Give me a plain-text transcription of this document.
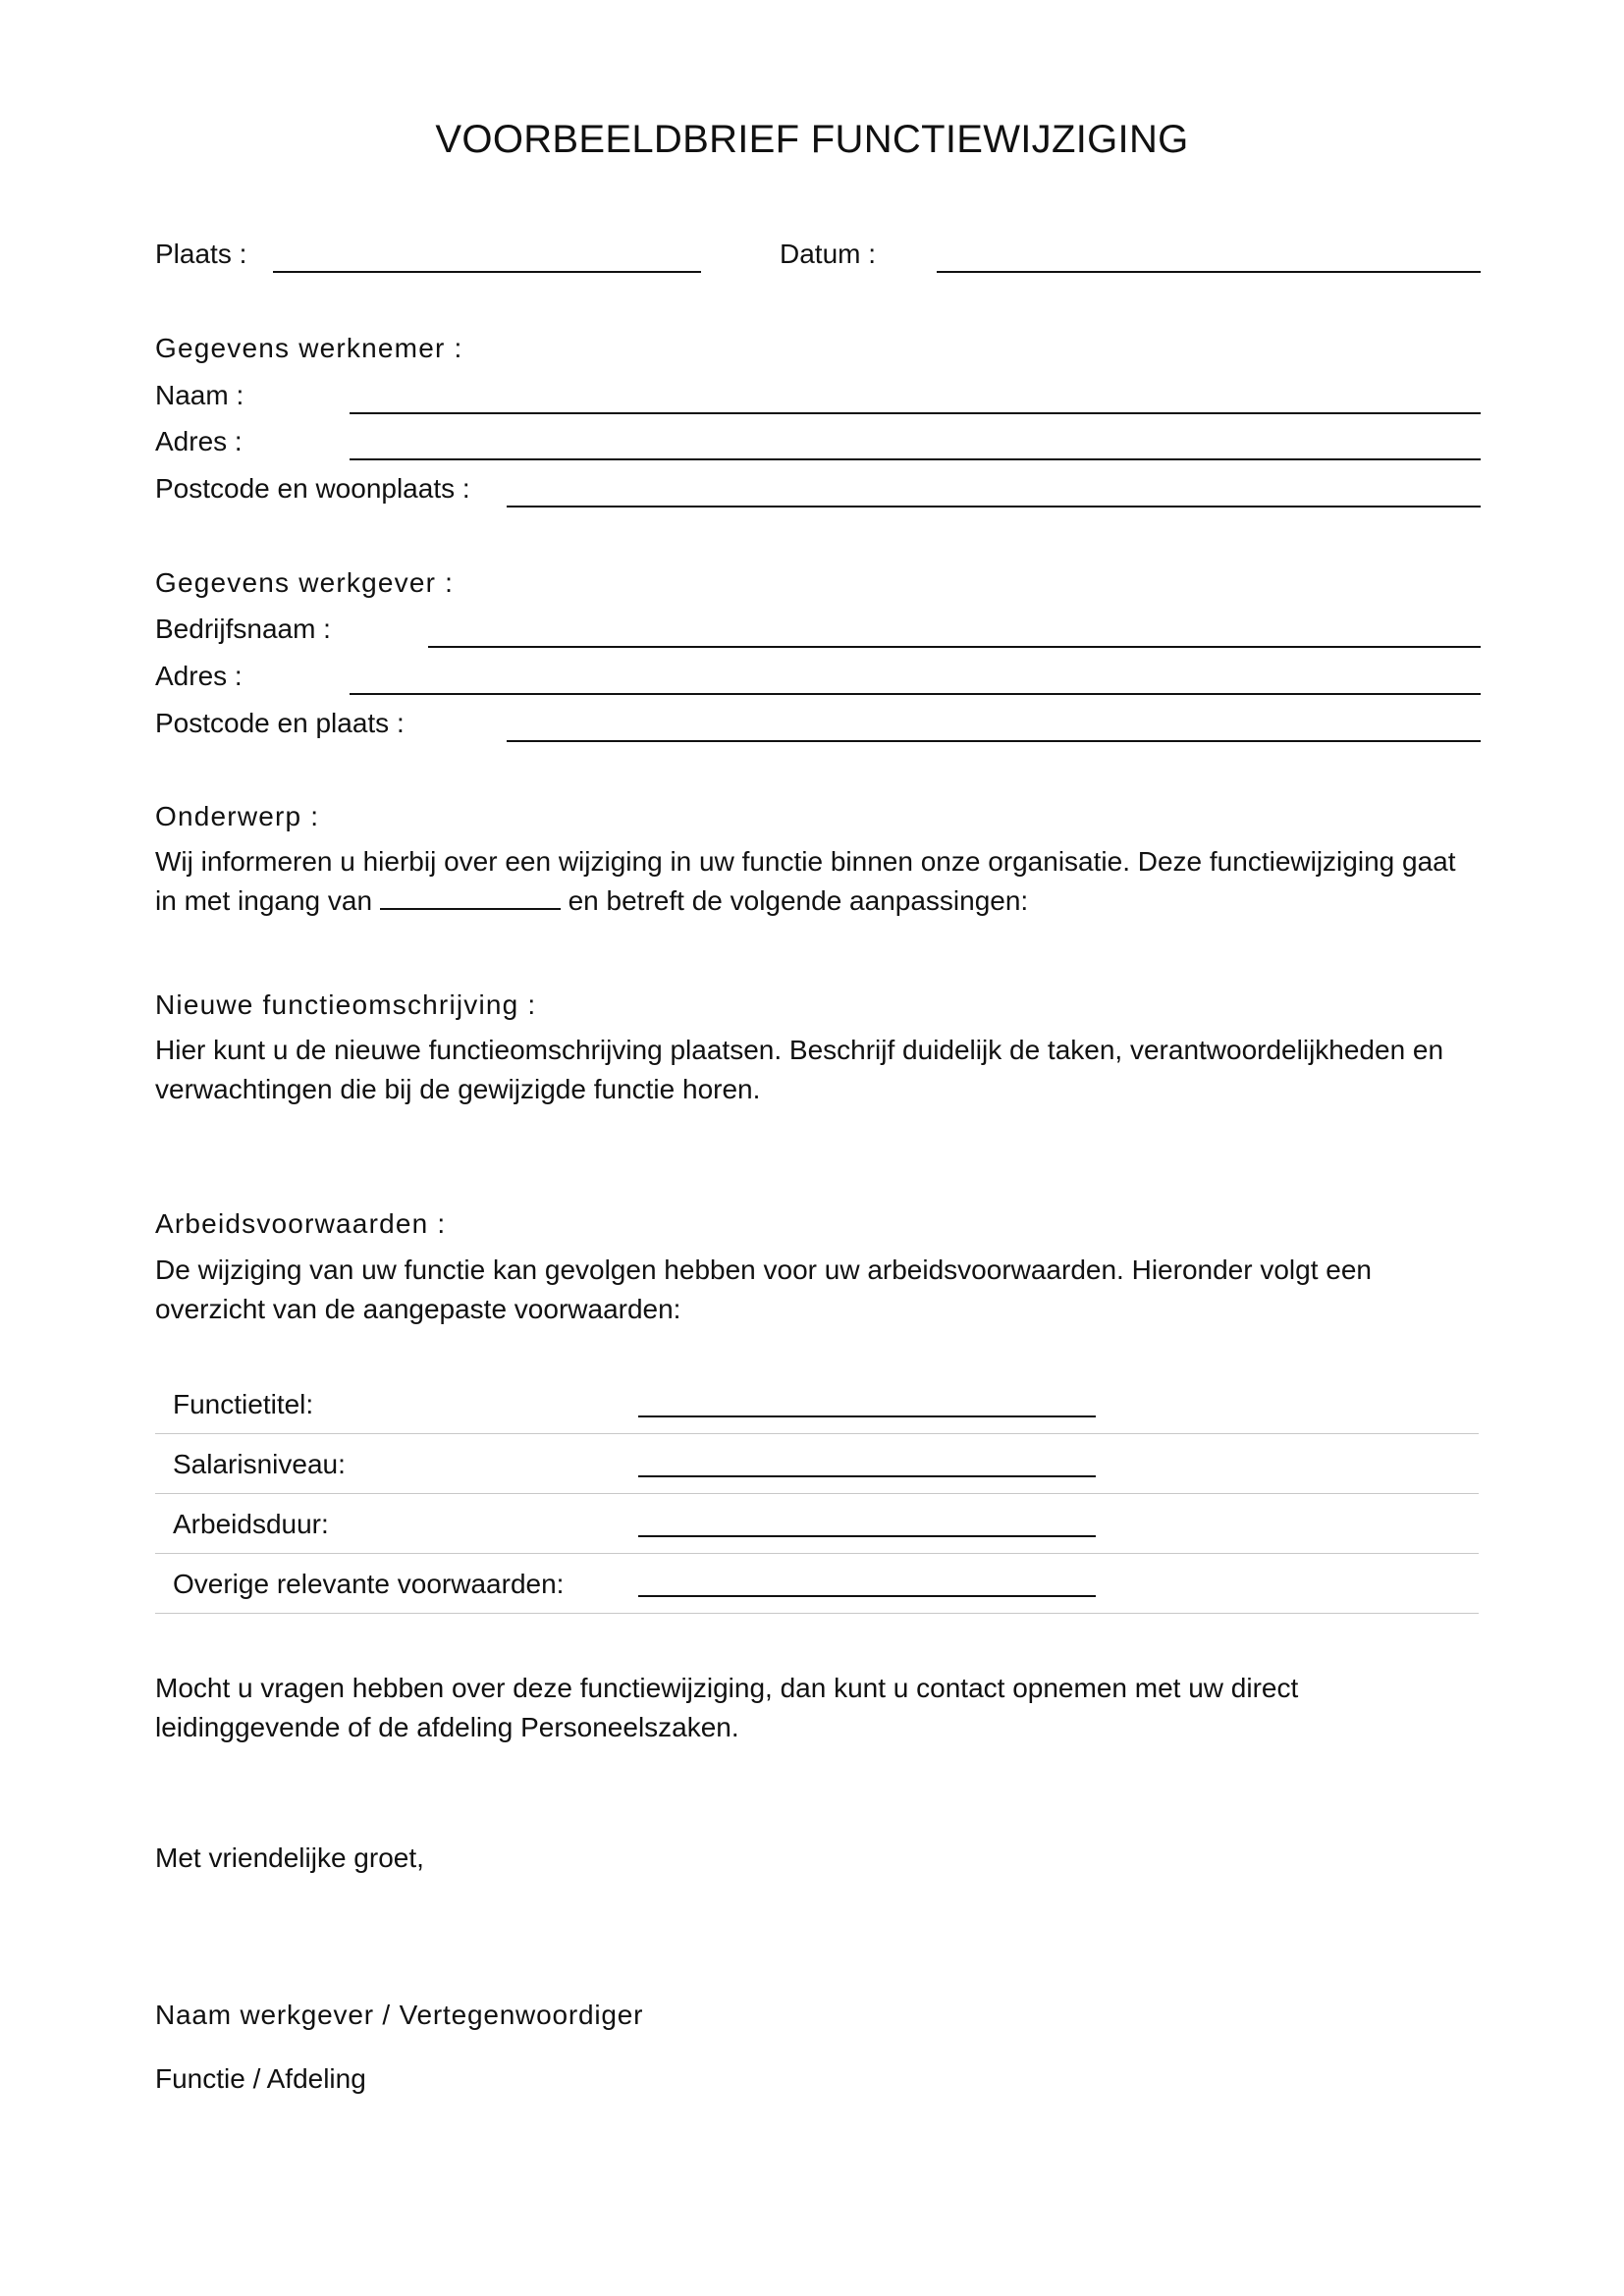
VOORBEELDBRIEF FUNCTIEWIJZIGING
Plaats :	Datum :
Gegevens werknemer :
Naam :
Adres :
Postcode en woonplaats :
Gegevens werkgever :
Bedrijfsnaam :
Adres :
Postcode en plaats :
Onderwerp :
Wij informeren u hierbij over een wijziging in uw functie binnen onze organisatie. Deze functiewijziging gaat
in met ingang van	en betreft de volgende aanpassingen:
Nieuwe functieomschrijving :
Hier kunt u de nieuwe functieomschrijving plaatsen. Beschrijf duidelijk de taken, verantwoordelijkheden en
verwachtingen die bij de gewijzigde functie horen.
Arbeidsvoorwaarden :
De wijziging van uw functie kan gevolgen hebben voor uw arbeidsvoorwaarden. Hieronder volgt een
overzicht van de aangepaste voorwaarden:
Functietitel:
Salarisniveau:
Arbeidsduur:
Overige relevante voorwaarden:
Mocht u vragen hebben over deze functiewijziging, dan kunt u contact opnemen met uw direct
leidinggevende of de afdeling Personeelszaken.
Met vriendelijke groet,
Naam werkgever / Vertegenwoordiger
Functie / Afdeling
